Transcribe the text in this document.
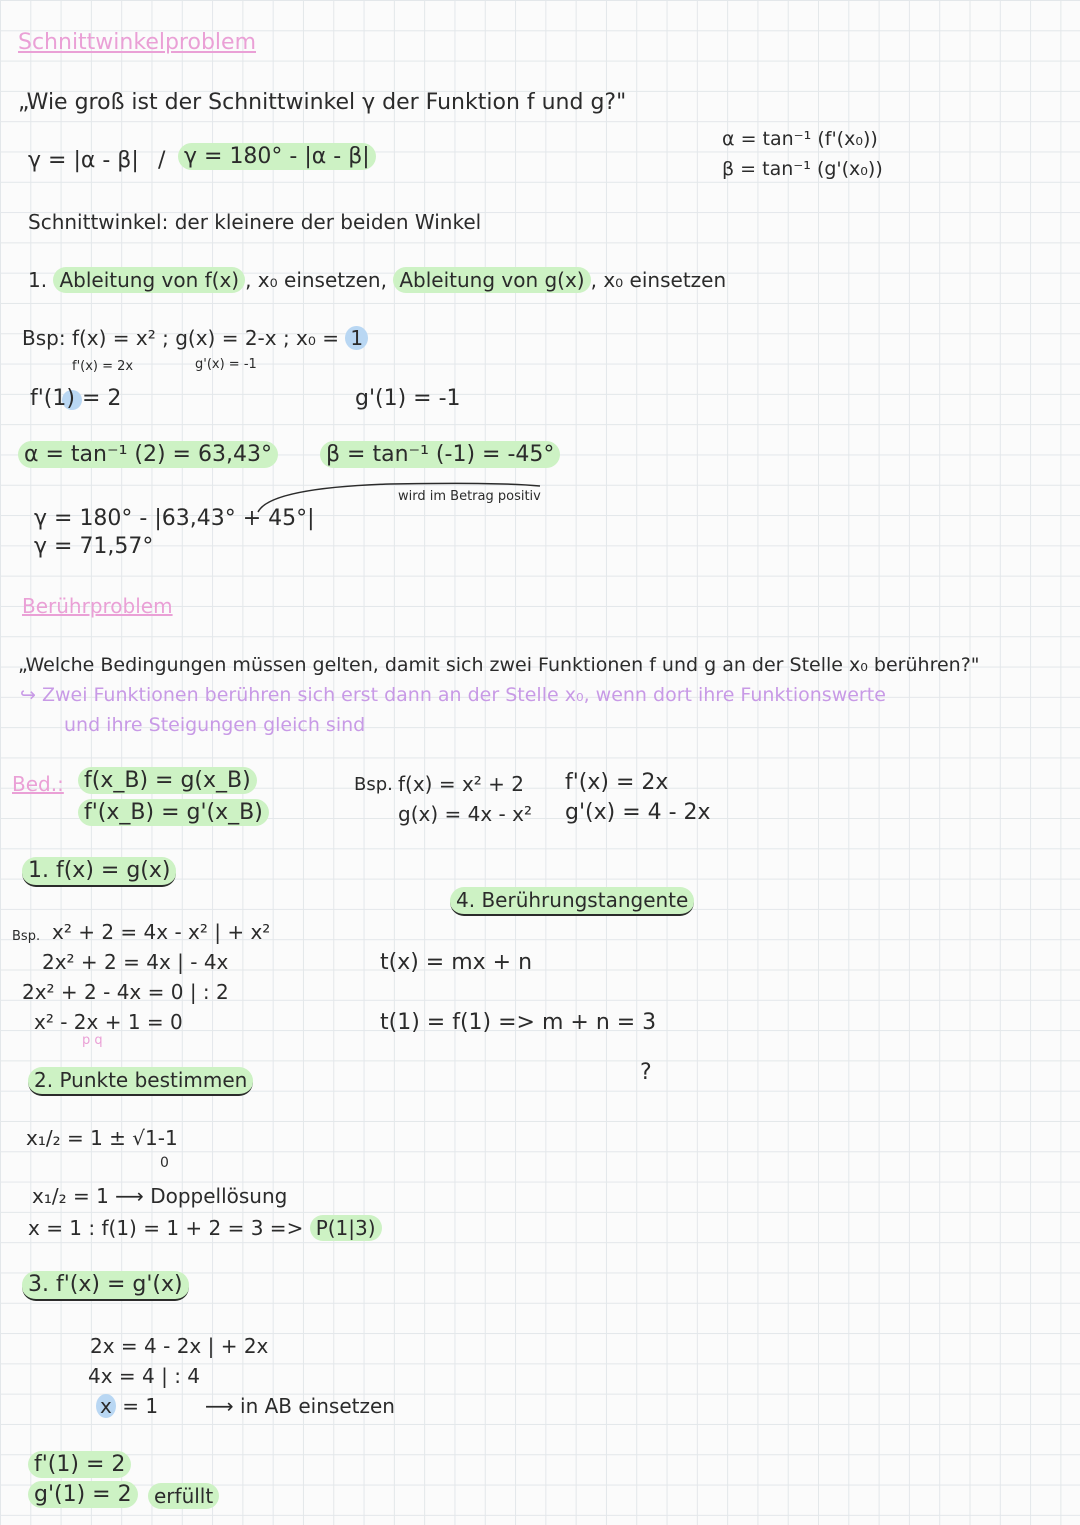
Schnittwinkelproblem
„Wie groß ist der Schnittwinkel γ der Funktion f und g?"
γ = |α - β| / γ = 180° - |α - β|
α = tan⁻¹ (f'(x₀))
β = tan⁻¹ (g'(x₀))
Schnittwinkel: der kleinere der beiden Winkel
1. Ableitung von f(x) , x₀ einsetzen, Ableitung von g(x) , x₀ einsetzen
Bsp: f(x) = x² ; g(x) = 2-x ; x₀ = 1
f'(x) = 2x	g'(x) = -1
f'(1) = 2	g'(1) = -1
α = tan⁻¹ (2) = 63,43° β = tan⁻¹ (-1) = -45°
wird im Betrag positiv
γ = 180° - |63,43° + 45°|
γ = 71,57°
Berührproblem
„Welche Bedingungen müssen gelten, damit sich zwei Funktionen f und g an der Stelle x₀ berühren?"
↪ Zwei Funktionen berühren sich erst dann an der Stelle x₀, wenn dort ihre Funktionswerte
und ihre Steigungen gleich sind
Bed.: f(x_B) = g(x_B)
f'(x_B) = g'(x_B)
Bsp. f(x) = x² + 2
g(x) = 4x - x²
f'(x) = 2x
g'(x) = 4 - 2x
1. f(x) = g(x)
4. Berührungstangente
Bsp. x² + 2 = 4x - x² | + x²
2x² + 2 = 4x | - 4x
2x² + 2 - 4x = 0 | : 2
x² - 2x + 1 = 0
p q
t(x) = mx + n
t(1) = f(1) => m + n = 3
?
2. Punkte bestimmen
x₁/₂ = 1 ± √1-1
0
x₁/₂ = 1 ⟶ Doppellösung
x = 1 : f(1) = 1 + 2 = 3 => P(1|3)
3. f'(x) = g'(x)
2x = 4 - 2x | + 2x
4x = 4 | : 4
x = 1 ⟶ in AB einsetzen
f'(1) = 2
g'(1) = 2	erfüllt
